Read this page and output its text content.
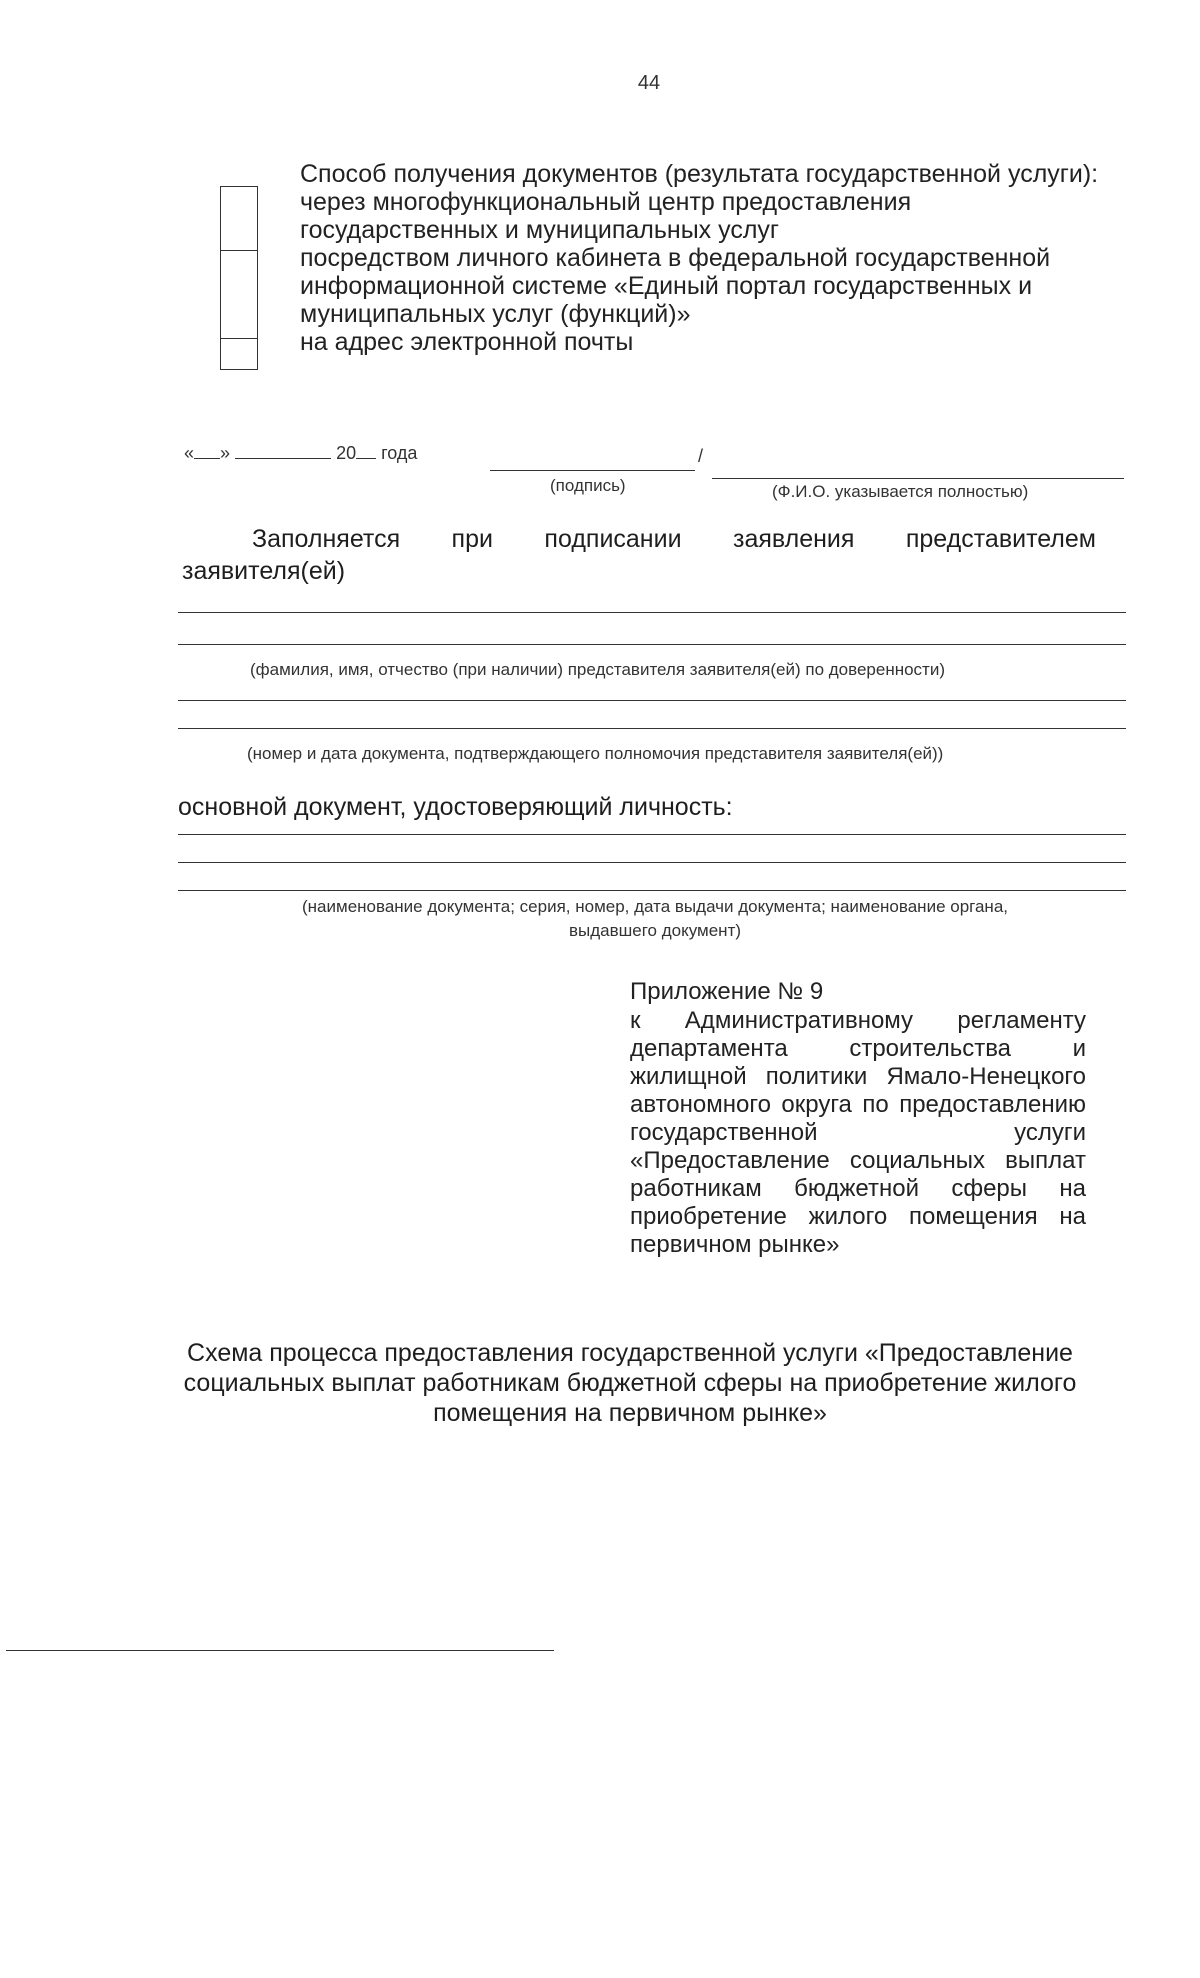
44
Способ получения документов (результата государственной услуги):
через многофункциональный центр предоставления
государственных и муниципальных услуг
посредством личного кабинета в федеральной государственной
информационной системе «Единый портал государственных и
муниципальных услуг (функций)»
на адрес электронной почты
« »	20 года	/
(подпись)	(Ф.И.О. указывается полностью)
Заполняется при подписании заявления представителем
заявителя(ей)
(фамилия, имя, отчество (при наличии) представителя заявителя(ей) по доверенности)
(номер и дата документа, подтверждающего полномочия представителя заявителя(ей))
основной документ, удостоверяющий личность:
(наименование документа; серия, номер, дата выдачи документа; наименование органа,
выдавшего документ)
Приложение № 9
к Административному регламенту департамента строительства и жилищной политики Ямало-Ненецкого автономного округа по предоставлению государственной услуги «Предоставление социальных выплат работникам бюджетной сферы на приобретение жилого помещения на первичном рынке»
Схема процесса предоставления государственной услуги «Предоставление социальных выплат работникам бюджетной сферы на приобретение жилого помещения на первичном рынке»
